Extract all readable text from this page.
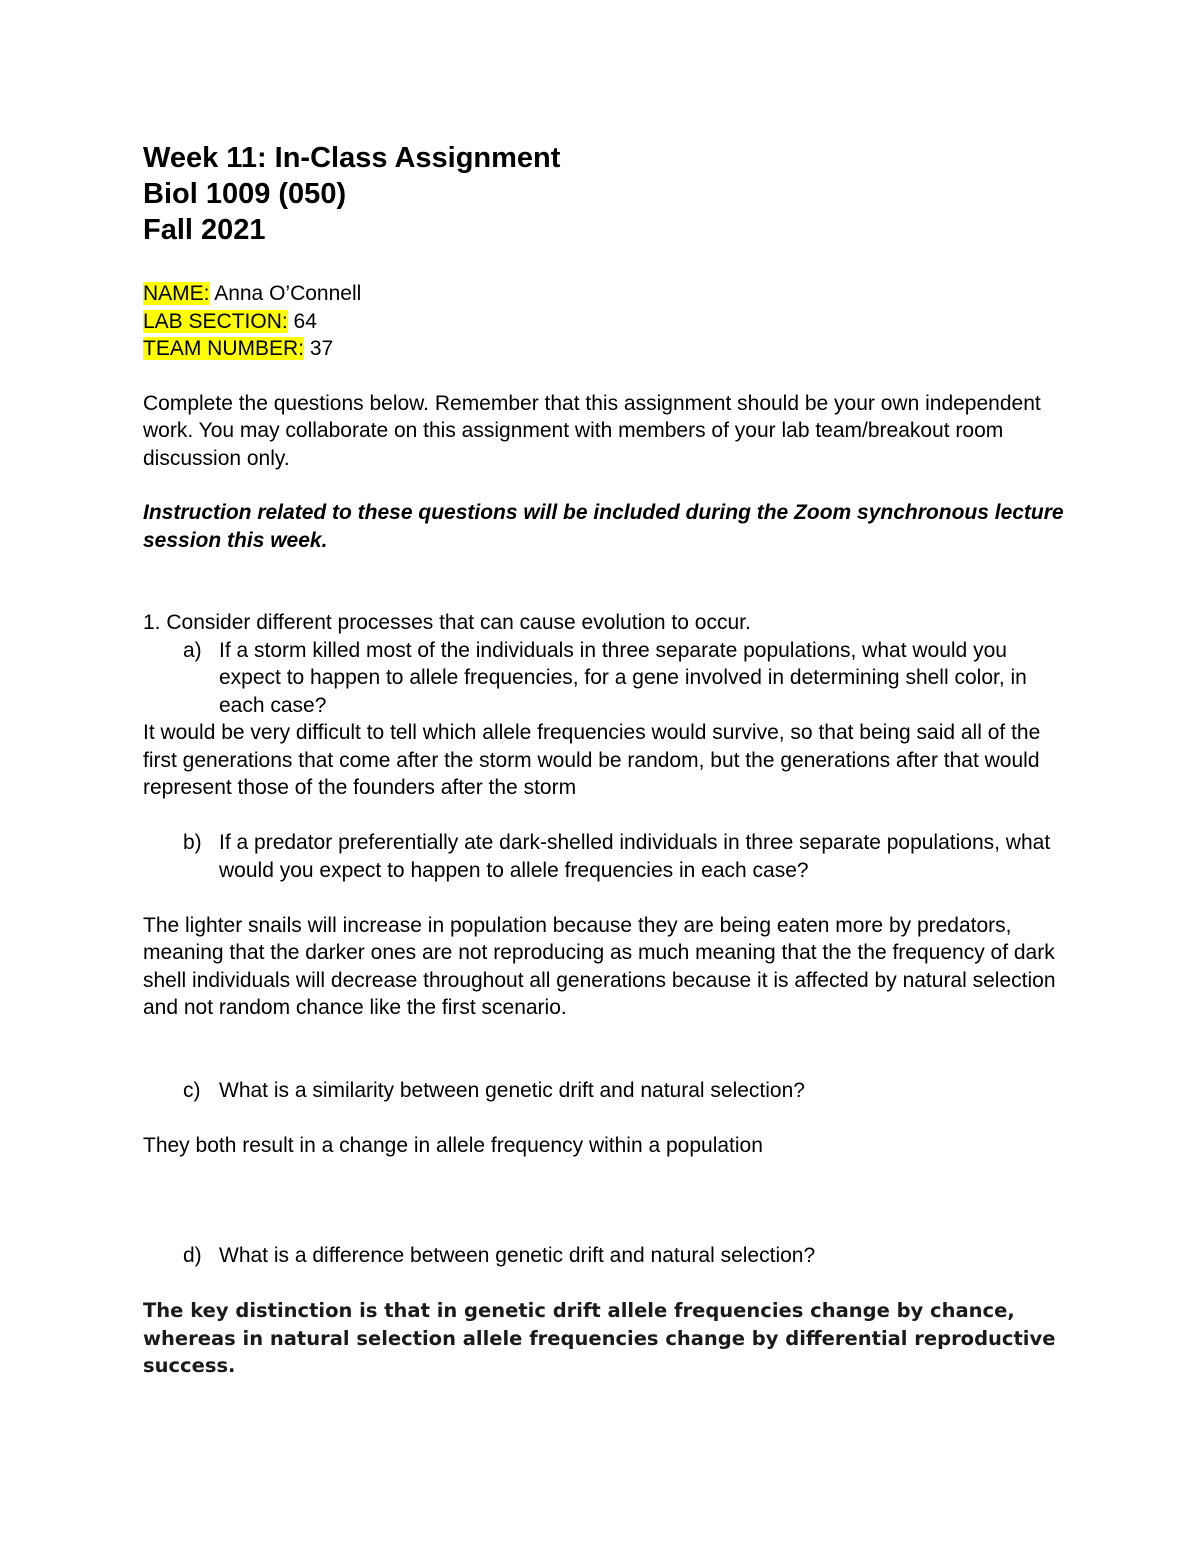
Week 11: In-Class Assignment

Biol 1009 (050)

Fall 2021

NAME: Anna O’Connell
LAB SECTION: 64
TEAM NUMBER: 37
Complete the questions below. Remember that this assignment should be your own independent work. You may collaborate on this assignment with members of your lab team/breakout room discussion only.
Instruction related to these questions will be included during the Zoom synchronous lecture session this week.
1. Consider different processes that can cause evolution to occur.
a) If a storm killed most of the individuals in three separate populations, what would you expect to happen to allele frequencies, for a gene involved in determining shell color, in each case?
It would be very difficult to tell which allele frequencies would survive, so that being said all of the first generations that come after the storm would be random, but the generations after that would represent those of the founders after the storm
b) If a predator preferentially ate dark-shelled individuals in three separate populations, what would you expect to happen to allele frequencies in each case?
The lighter snails will increase in population because they are being eaten more by predators, meaning that the darker ones are not reproducing as much meaning that the the frequency of dark shell individuals will decrease throughout all generations because it is affected by natural selection and not random chance like the first scenario.
c) What is a similarity between genetic drift and natural selection?
They both result in a change in allele frequency within a population
d) What is a difference between genetic drift and natural selection?
The key distinction is that in genetic drift allele frequencies change by chance, whereas in natural selection allele frequencies change by differential reproductive success.
